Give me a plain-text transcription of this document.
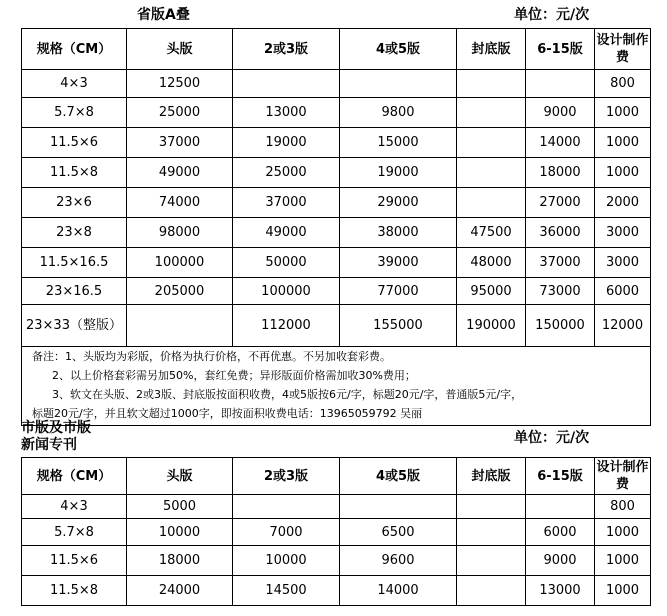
省版A叠	单位：元/次
规格（CM）	头版	2或3版	4或5版	封底版	6-15版	设计制作费
4×3	12500					800
5.7×8	25000	13000	9800		9000	1000
11.5×6	37000	19000	15000		14000	1000
11.5×8	49000	25000	19000		18000	1000
23×6	74000	37000	29000		27000	2000
23×8	98000	49000	38000	47500	36000	3000
11.5×16.5	100000	50000	39000	48000	37000	3000
23×16.5	205000	100000	77000	95000	73000	6000
23×33（整版）		112000	155000	190000	150000	12000

备注：1、头版均为彩版，价格为执行价格，不再优惠。不另加收套彩费。
2、以上价格套彩需另加50%，套红免费；异形版面价格需加收30%费用；
3、软文在头版、2或3版、封底版按面积收费，4或5版按6元/字，标题20元/字，普通版5元/字，
标题20元/字，并且软文超过1000字，即按面积收费电话：13965059792 吴丽						
市版及市版
新闻专刊	单位：元/次
规格（CM）	头版	2或3版	4或5版	封底版	6-15版	设计制作费
4×3	5000					800
5.7×8	10000	7000	6500		6000	1000
11.5×6	18000	10000	9600		9000	1000
11.5×8	24000	14500	14000		13000	1000
